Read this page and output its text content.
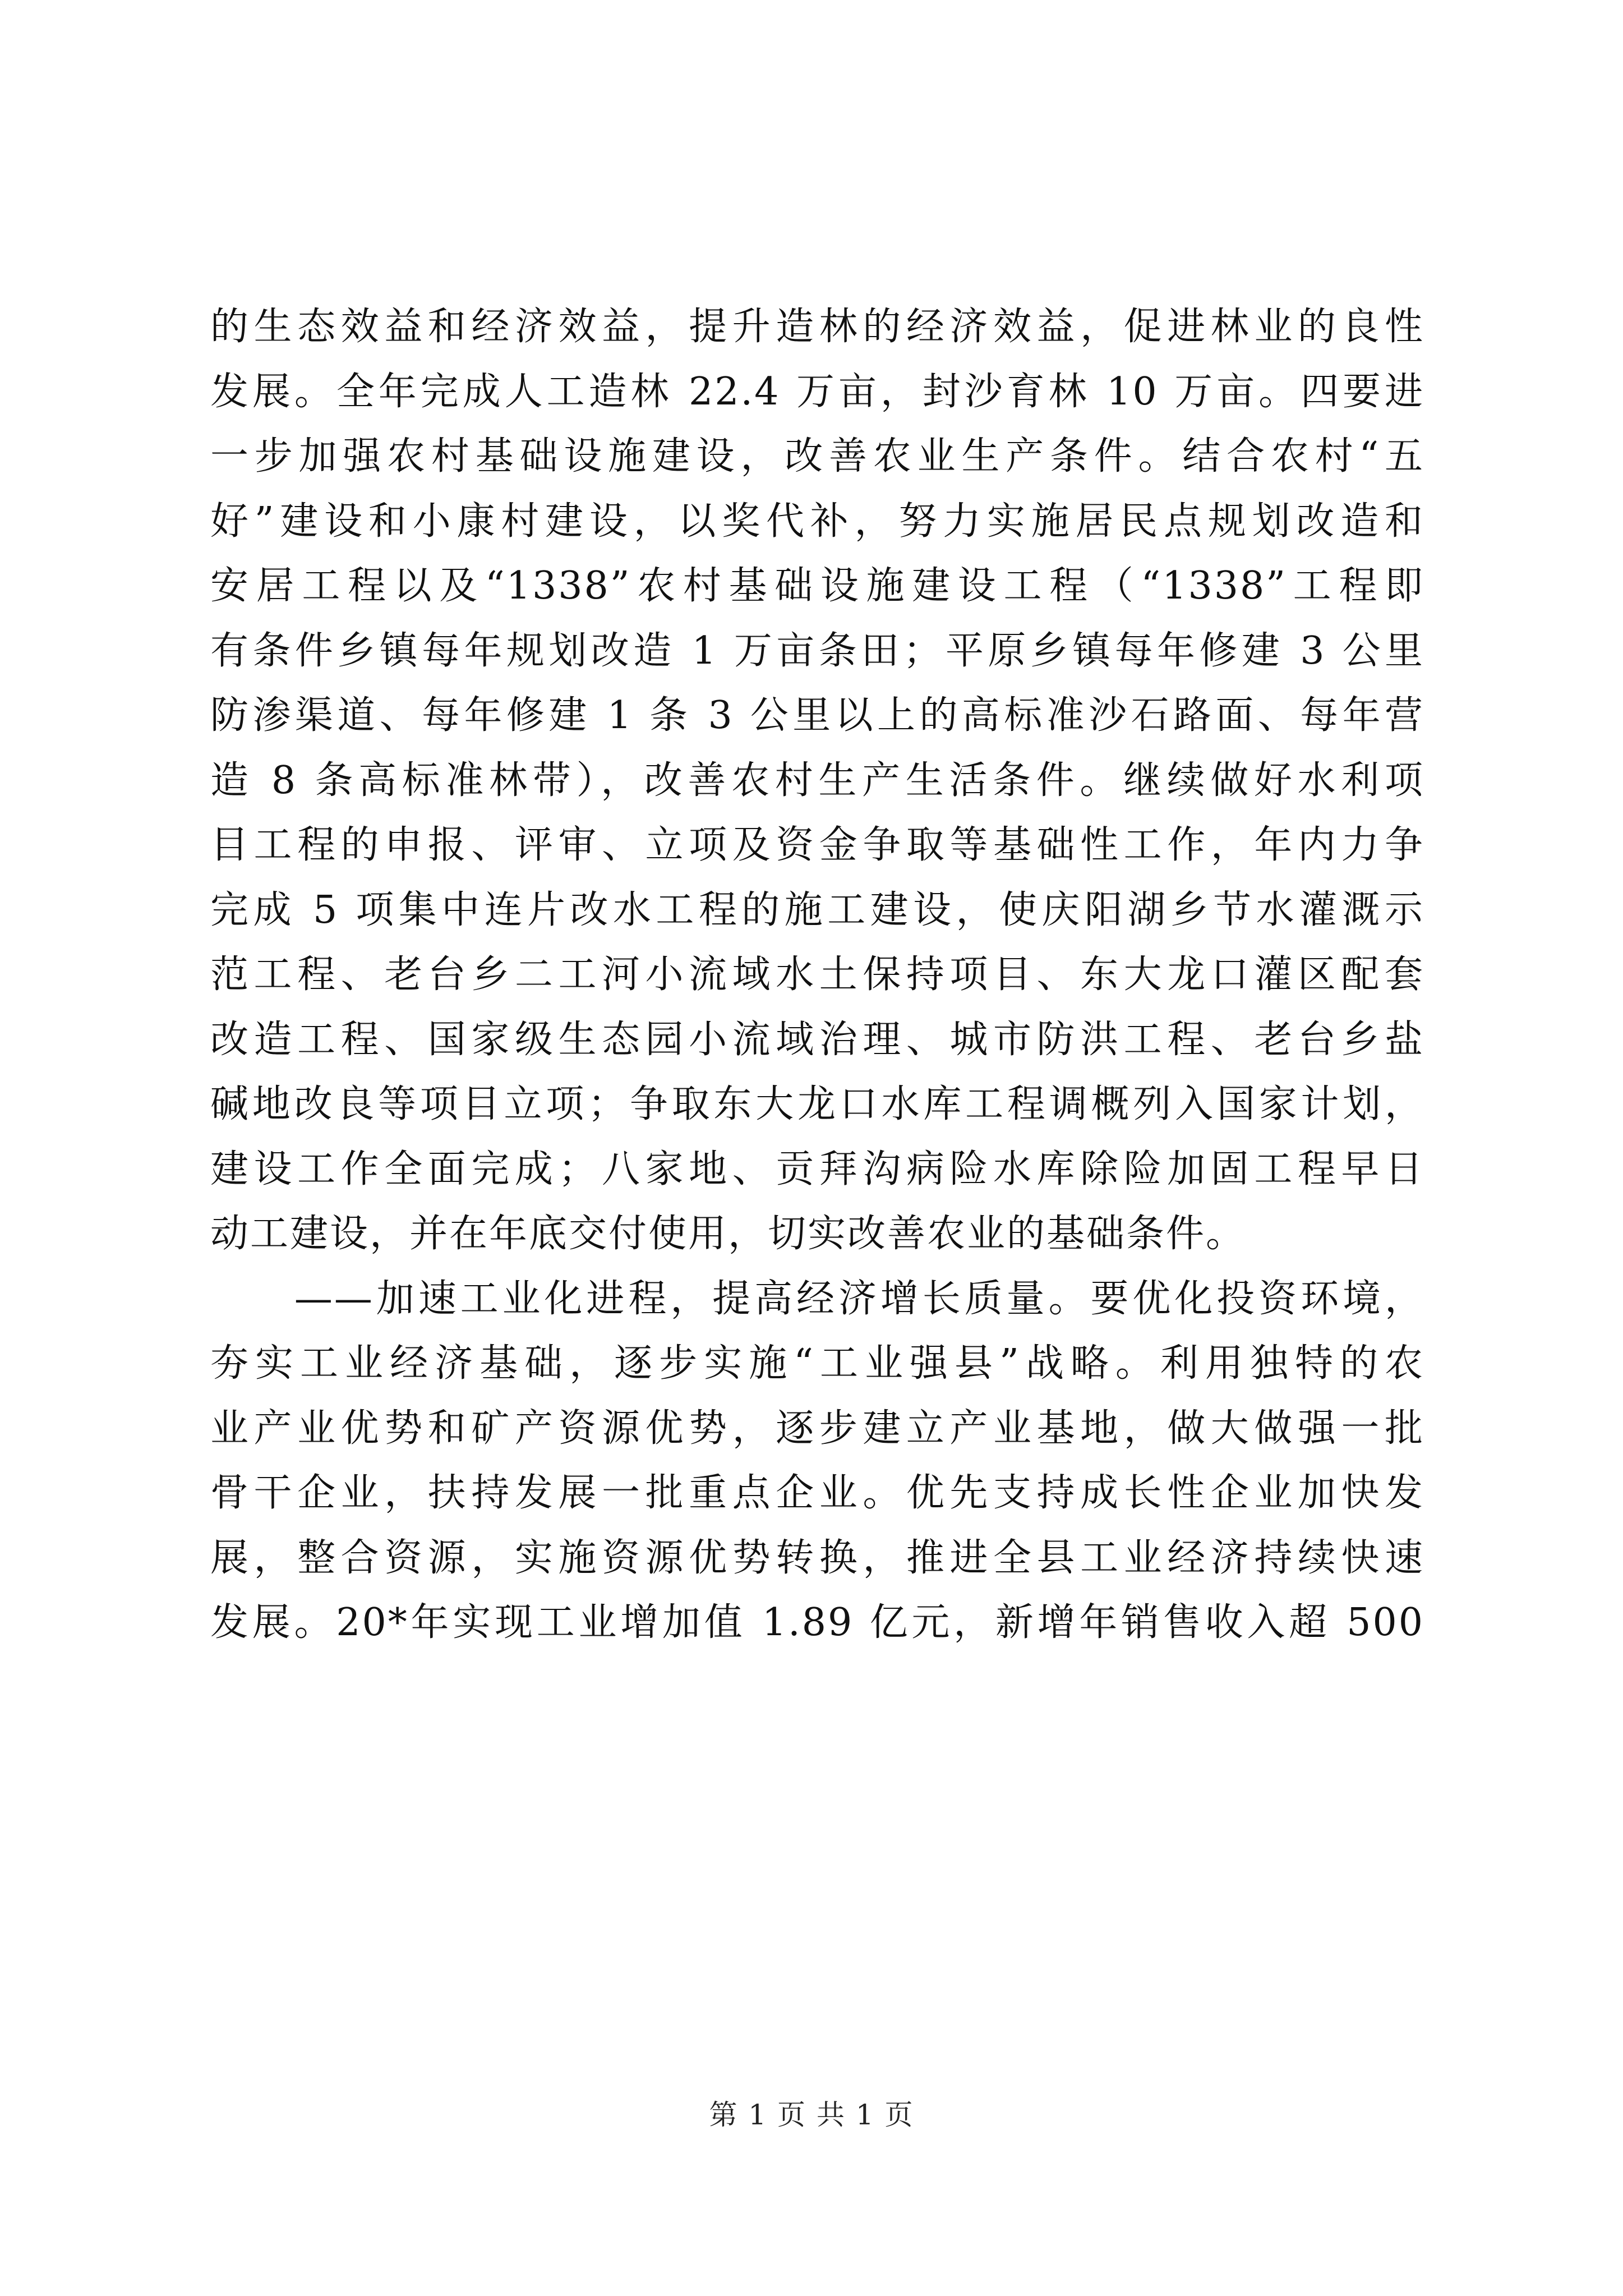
的生态效益和经济效益，提升造林的经济效益，促进林业的良性
发展。全年完成人工造林 22.4 万亩，封沙育林 10 万亩。四要进
一步加强农村基础设施建设，改善农业生产条件。结合农村“五
好”建设和小康村建设，以奖代补，努力实施居民点规划改造和
安居工程以及“1338”农村基础设施建设工程（“1338”工程即
有条件乡镇每年规划改造 1 万亩条田；平原乡镇每年修建 3 公里
防渗渠道、每年修建 1 条 3 公里以上的高标准沙石路面、每年营
造 8 条高标准林带），改善农村生产生活条件。继续做好水利项
目工程的申报、评审、立项及资金争取等基础性工作，年内力争
完成 5 项集中连片改水工程的施工建设，使庆阳湖乡节水灌溉示
范工程、老台乡二工河小流域水土保持项目、东大龙口灌区配套
改造工程、国家级生态园小流域治理、城市防洪工程、老台乡盐
碱地改良等项目立项；争取东大龙口水库工程调概列入国家计划，
建设工作全面完成；八家地、贡拜沟病险水库除险加固工程早日
动工建设，并在年底交付使用，切实改善农业的基础条件。

　　——加速工业化进程，提高经济增长质量。要优化投资环境，
夯实工业经济基础，逐步实施“工业强县”战略。利用独特的农
业产业优势和矿产资源优势，逐步建立产业基地，做大做强一批
骨干企业，扶持发展一批重点企业。优先支持成长性企业加快发
展，整合资源，实施资源优势转换，推进全县工业经济持续快速
发展。20*年实现工业增加值 1.89 亿元，新增年销售收入超 500

第 1 页 共 1 页
